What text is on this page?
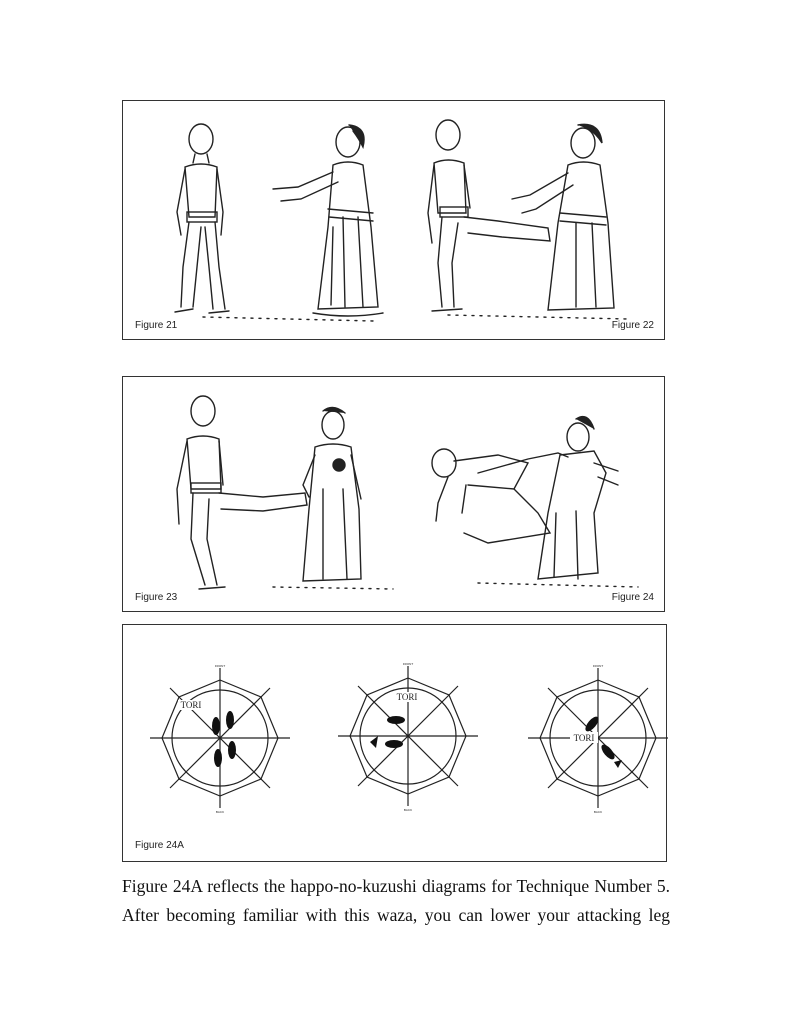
Figure 21	Figure 22
Figure 23	Figure 24
FRONT
BACK
TORI
FRONT
BACK
TORI
FRONT
BACK
TORI
Figure 24A
Figure 24A reflects the happo-no-kuzushi diagrams for Technique Number 5.
After becoming familiar with this waza, you can lower your attacking leg
